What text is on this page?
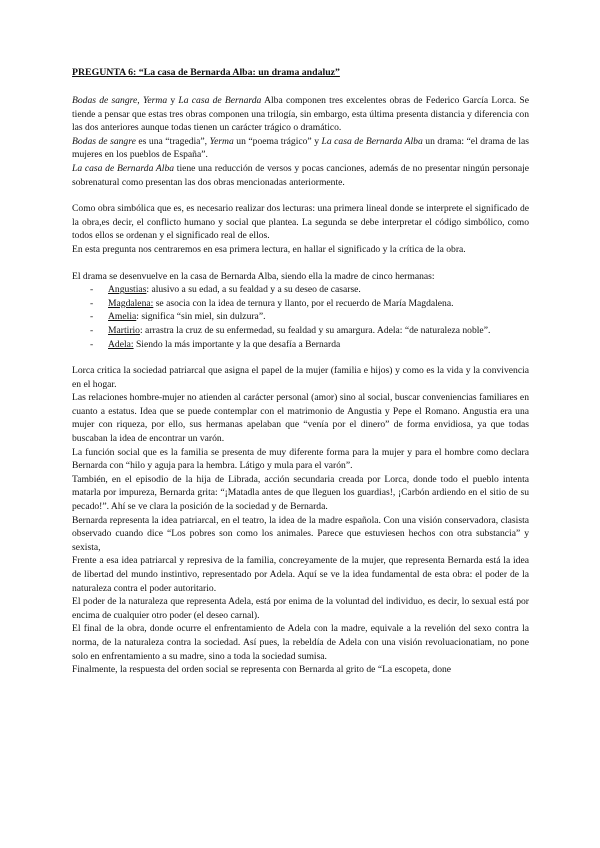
PREGUNTA 6: “La casa de Bernarda Alba: un drama andaluz”

Bodas de sangre, Yerma y La casa de Bernarda Alba componen tres excelentes obras de Federico García Lorca. Se tiende a pensar que estas tres obras componen una trilogía, sin embargo, esta última presenta distancia y diferencia con las dos anteriores aunque todas tienen un carácter trágico o dramático.

Bodas de sangre es una “tragedia”, Yerma un “poema trágico” y La casa de Bernarda Alba un drama: “el drama de las mujeres en los pueblos de España”.

La casa de Bernarda Alba tiene una reducción de versos y pocas canciones, además de no presentar ningún personaje sobrenatural como presentan las dos obras mencionadas anteriormente.

Como obra simbólica que es, es necesario realizar dos lecturas: una primera lineal donde se interprete el significado de la obra,es decir, el conflicto humano y social que plantea. La segunda se debe interpretar el código simbólico, como todos ellos se ordenan y el significado real de ellos.

En esta pregunta nos centraremos en esa primera lectura, en hallar el significado y la crítica de la obra.

El drama se desenvuelve en la casa de Bernarda Alba, siendo ella la madre de cinco hermanas:

- Angustias: alusivo a su edad, a su fealdad y a su deseo de casarse.
- Magdalena: se asocia con la idea de ternura y llanto, por el recuerdo de María Magdalena.
- Amelia: significa “sin miel, sin dulzura”.
- Martirio: arrastra la cruz de su enfermedad, su fealdad y su amargura. Adela: “de naturaleza noble”.
- Adela: Siendo la más importante y la que desafía a Bernarda

Lorca critica la sociedad patriarcal que asigna el papel de la mujer (familia e hijos) y como es la vida y la convivencia en el hogar.

Las relaciones hombre-mujer no atienden al carácter personal (amor) sino al social, buscar conveniencias familiares en cuanto a estatus. Idea que se puede contemplar con el matrimonio de Angustia y Pepe el Romano. Angustia era una mujer con riqueza, por ello, sus hermanas apelaban que “venía por el dinero” de forma envidiosa, ya que todas buscaban la idea de encontrar un varón.

La función social que es la familia se presenta de muy diferente forma para la mujer y para el hombre como declara Bernarda con “hilo y aguja para la hembra. Látigo y mula para el varón”.

También, en el episodio de la hija de Librada, acción secundaria creada por Lorca, donde todo el pueblo intenta matarla por impureza, Bernarda grita: “¡Matadla antes de que lleguen los guardias!, ¡Carbón ardiendo en el sitio de su pecado!”. Ahí se ve clara la posición de la sociedad y de Bernarda.

Bernarda representa la idea patriarcal, en el teatro, la idea de la madre española. Con una visión conservadora, clasista observado cuando dice “Los pobres son como los animales. Parece que estuviesen hechos con otra substancia” y sexista,

Frente a esa idea patriarcal y represiva de la familia, concreyamente de la mujer, que representa Bernarda está la idea de libertad del mundo instintivo, representado por Adela. Aquí se ve la idea fundamental de esta obra: el poder de la naturaleza contra el poder autoritario.

El poder de la naturaleza que representa Adela, está por enima de la voluntad del individuo, es decir, lo sexual está por encima de cualquier otro poder (el deseo carnal).

El final de la obra, donde ocurre el enfrentamiento de Adela con la madre, equivale a la revelión del sexo contra la norma, de la naturaleza contra la sociedad. Así pues, la rebeldía de Adela con una visión revoluacionatiam, no pone solo en enfrentamiento a su madre, sino a toda la sociedad sumisa.

Finalmente, la respuesta del orden social se representa con Bernarda al grito de “La escopeta, done
